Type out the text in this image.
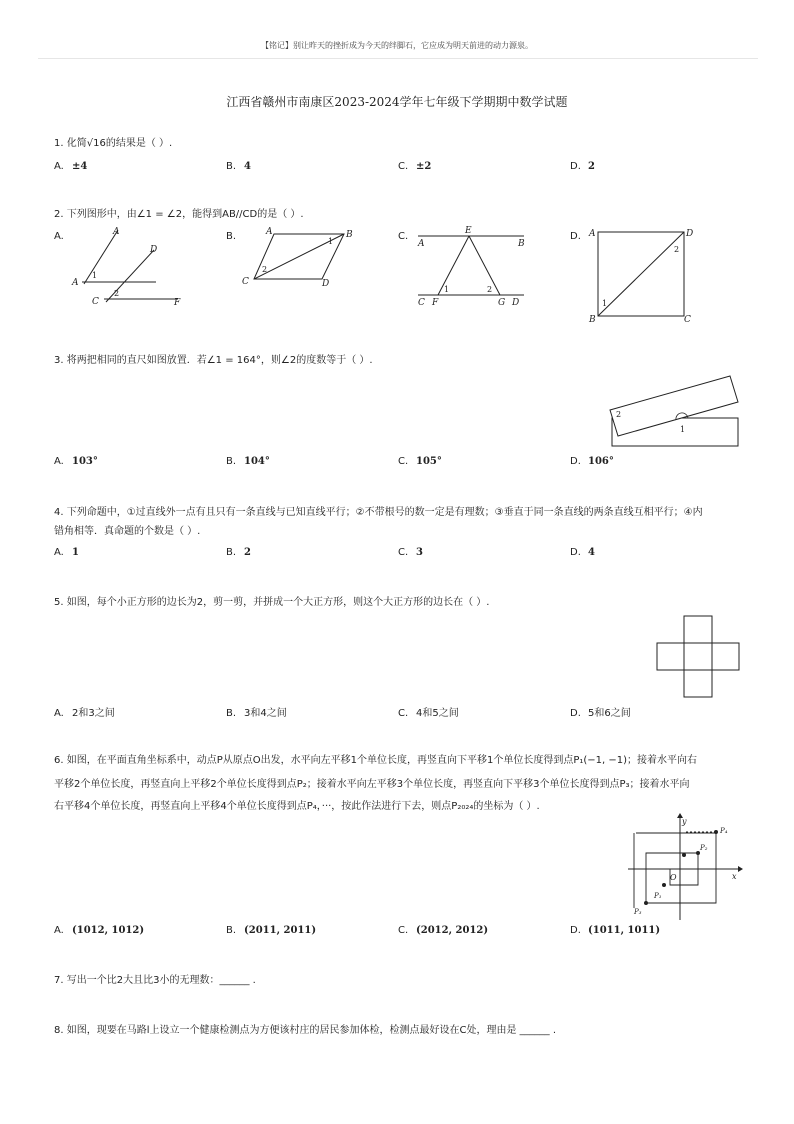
【铭记】别让昨天的挫折成为今天的绊脚石，它应成为明天前进的动力源泉。
江西省赣州市南康区2023-2024学年七年级下学期期中数学试题
1. 化简√16的结果是（ ）.
A. ±4	B. 4	C. ±2	D. 2
2. 下列图形中，由∠1 = ∠2，能得到AB//CD的是（ ）.
A.	B.	C.	D.
A
D
A
C	F
1
2
A	B
C	D
1
2
A	B
E
C F	G D
1	2
A	D
B	C
1
2
3. 将两把相同的直尺如图放置．若∠1 = 164°，则∠2的度数等于（ ）.
2
1
A. 103°	B. 104°	C. 105°	D. 106°
4. 下列命题中，①过直线外一点有且只有一条直线与已知直线平行；②不带根号的数一定是有理数；③垂直于同一条直线的两条直线互相平行；④内
错角相等．真命题的个数是（ ）.
A. 1	B. 2	C. 3	D. 4
5. 如图，每个小正方形的边长为2，剪一剪，并拼成一个大正方形，则这个大正方形的边长在（ ）.
A. 2和3之间	B. 3和4之间	C. 4和5之间	D. 5和6之间
6. 如图，在平面直角坐标系中，动点P从原点O出发，水平向左平移1个单位长度，再竖直向下平移1个单位长度得到点P₁(−1, −1)；接着水平向右
平移2个单位长度，再竖直向上平移2个单位长度得到点P₂；接着水平向左平移3个单位长度，再竖直向下平移3个单位长度得到点P₃；接着水平向
右平移4个单位长度，再竖直向上平移4个单位长度得到点P₄，···，按此作法进行下去，则点P₂₀₂₄的坐标为（ ）.
y
x
O
P₁
P₂
P₃
P₄
A. (1012, 1012)	B. (2011, 2011)	C. (2012, 2012)	D. (1011, 1011)
7. 写出一个比2大且比3小的无理数：______ .
8. 如图，现要在马路l上设立一个健康检测点为方便该村庄的居民参加体检，检测点最好设在C处，理由是 ______ .
